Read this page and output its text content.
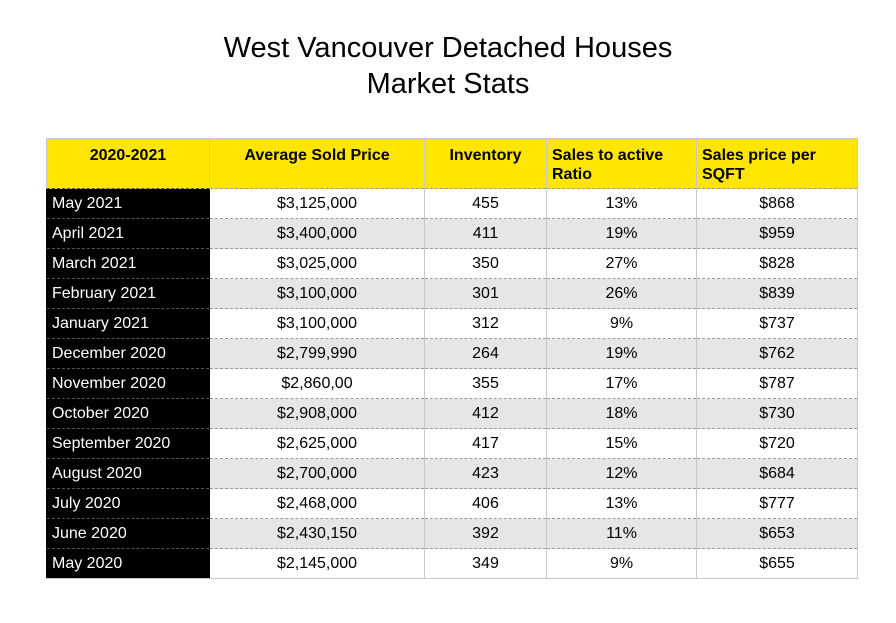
West Vancouver Detached Houses
Market Stats
2020-2021	Average Sold Price	Inventory	Sales to active Ratio	Sales price per SQFT
May 2021	$3,125,000	455	13%	$868
April 2021	$3,400,000	411	19%	$959
March 2021	$3,025,000	350	27%	$828
February 2021	$3,100,000	301	26%	$839
January 2021	$3,100,000	312	9%	$737
December 2020	$2,799,990	264	19%	$762
November 2020	$2,860,00	355	17%	$787
October 2020	$2,908,000	412	18%	$730
September 2020	$2,625,000	417	15%	$720
August 2020	$2,700,000	423	12%	$684
July 2020	$2,468,000	406	13%	$777
June 2020	$2,430,150	392	11%	$653
May 2020	$2,145,000	349	9%	$655
